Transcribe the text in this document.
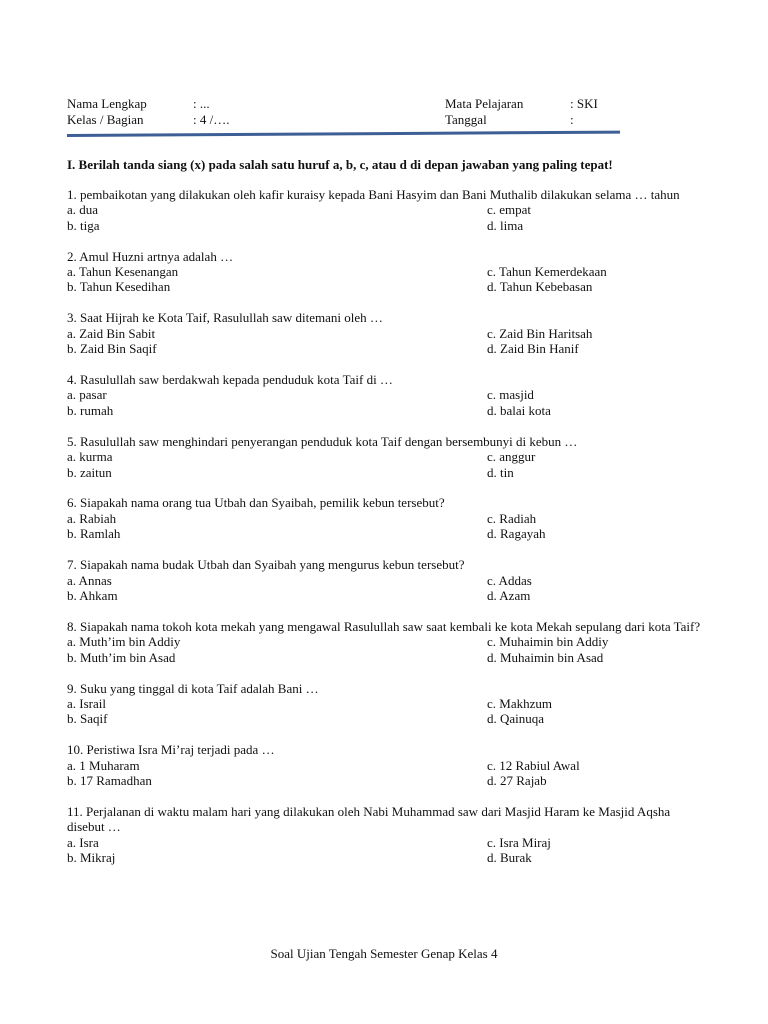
Nama Lengkap	: ...	Mata Pelajaran	: SKI
Kelas / Bagian	: 4 /….	Tanggal	:
I. Berilah tanda siang (x) pada salah satu huruf a, b, c, atau d di depan jawaban yang paling tepat!
1. pembaikotan yang dilakukan oleh kafir kuraisy kepada Bani Hasyim dan Bani Muthalib dilakukan selama … tahun
a. dua	c. empat
b. tiga	d. lima
2. Amul Huzni artnya adalah …
a. Tahun Kesenangan	c. Tahun Kemerdekaan
b. Tahun Kesedihan	d. Tahun Kebebasan
3. Saat Hijrah ke Kota Taif, Rasulullah saw ditemani oleh …
a. Zaid Bin Sabit	c. Zaid Bin Haritsah
b. Zaid Bin Saqif	d. Zaid Bin Hanif
4. Rasulullah saw berdakwah kepada penduduk kota Taif di …
a. pasar	c. masjid
b. rumah	d. balai kota
5. Rasulullah saw menghindari penyerangan penduduk kota Taif dengan bersembunyi di kebun …
a. kurma	c. anggur
b. zaitun	d. tin
6. Siapakah nama orang tua Utbah dan Syaibah, pemilik kebun tersebut?
a. Rabiah	c. Radiah
b. Ramlah	d. Ragayah
7. Siapakah nama budak Utbah dan Syaibah yang mengurus kebun tersebut?
a. Annas	c. Addas
b. Ahkam	d. Azam
8. Siapakah nama tokoh kota mekah yang mengawal Rasulullah saw saat kembali ke kota Mekah sepulang dari kota Taif?
a. Muth’im bin Addiy	c. Muhaimin bin Addiy
b. Muth’im bin Asad	d. Muhaimin bin Asad
9. Suku yang tinggal di kota Taif adalah Bani …
a. Israil	c. Makhzum
b. Saqif	d. Qainuqa
10. Peristiwa Isra Mi’raj terjadi pada …
a. 1 Muharam	c. 12 Rabiul Awal
b. 17 Ramadhan	d. 27 Rajab
11. Perjalanan di waktu malam hari yang dilakukan oleh Nabi Muhammad saw dari Masjid Haram ke Masjid Aqsha disebut …
a. Isra	c. Isra Miraj
b. Mikraj	d. Burak
Soal Ujian Tengah Semester Genap Kelas 4
